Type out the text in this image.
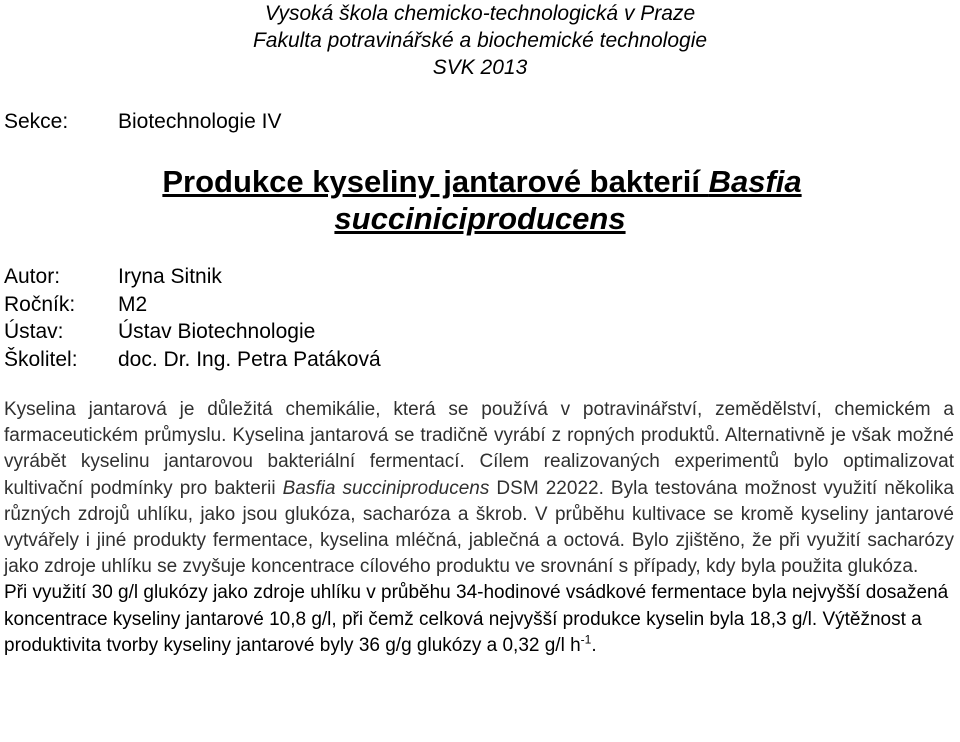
Vysoká škola chemicko-technologická v Praze
Fakulta potravinářské a biochemické technologie
SVK 2013
Sekce: Biotechnologie IV
Produkce kyseliny jantarové bakterií Basfia
succiniciproducens
Autor:	Iryna Sitnik
Ročník: M2
Ústav:	Ústav Biotechnologie
Školitel: doc. Dr. Ing. Petra Patáková

Kyselina jantarová je důležitá chemikálie, která se používá v potravinářství, zemědělství, chemickém a farmaceutickém průmyslu. Kyselina jantarová se tradičně vyrábí z ropných produktů. Alternativně je však možné vyrábět kyselinu jantarovou bakteriální fermentací. Cílem realizovaných experimentů bylo optimalizovat kultivační podmínky pro bakterii Basfia succiniproducens DSM 22022. Byla testována možnost využití několika různých zdrojů uhlíku, jako jsou glukóza, sacharóza a škrob. V průběhu kultivace se kromě kyseliny jantarové vytvářely i jiné produkty fermentace, kyselina mléčná, jablečná a octová. Bylo zjištěno, že při využití sacharózy jako zdroje uhlíku se zvyšuje koncentrace cílového produktu ve srovnání s případy, kdy byla použita glukóza.

Při využití 30 g/l glukózy jako zdroje uhlíku v průběhu 34-hodinové vsádkové fermentace byla nejvyšší dosažená koncentrace kyseliny jantarové 10,8 g/l, při čemž celková nejvyšší produkce kyselin byla 18,3 g/l. Výtěžnost a produktivita tvorby kyseliny jantarové byly 36 g/g glukózy a 0,32 g/l $h^{-1}$.
